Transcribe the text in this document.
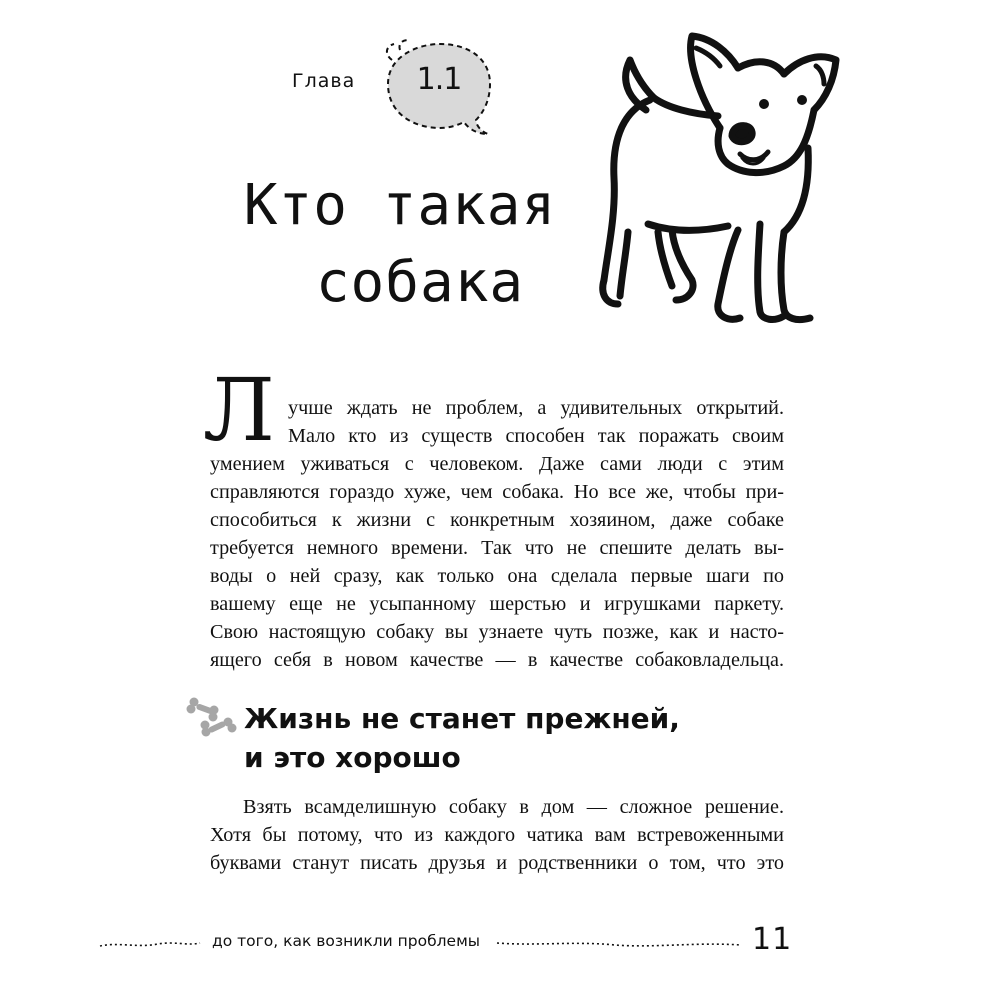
Глава	1.1
Кто такая
собака
Л учше ждать не проблем, а удивительных открытий.
Мало кто из существ способен так поражать своим
умением уживаться с человеком. Даже сами люди с этим
справляются гораздо хуже, чем собака. Но все же, чтобы при-
способиться к жизни с конкретным хозяином, даже собаке
требуется немного времени. Так что не спешите делать вы-
воды о ней сразу, как только она сделала первые шаги по
вашему еще не усыпанному шерстью и игрушками паркету.
Свою настоящую собаку вы узнаете чуть позже, как и насто-
ящего себя в новом качестве — в качестве собаковладельца.
Жизнь не станет прежней,
и это хорошо
Взять всамделишную собаку в дом — сложное решение.
Хотя бы потому, что из каждого чатика вам встревоженными
буквами станут писать друзья и родственники о том, что это
до того, как возникли проблемы	11
